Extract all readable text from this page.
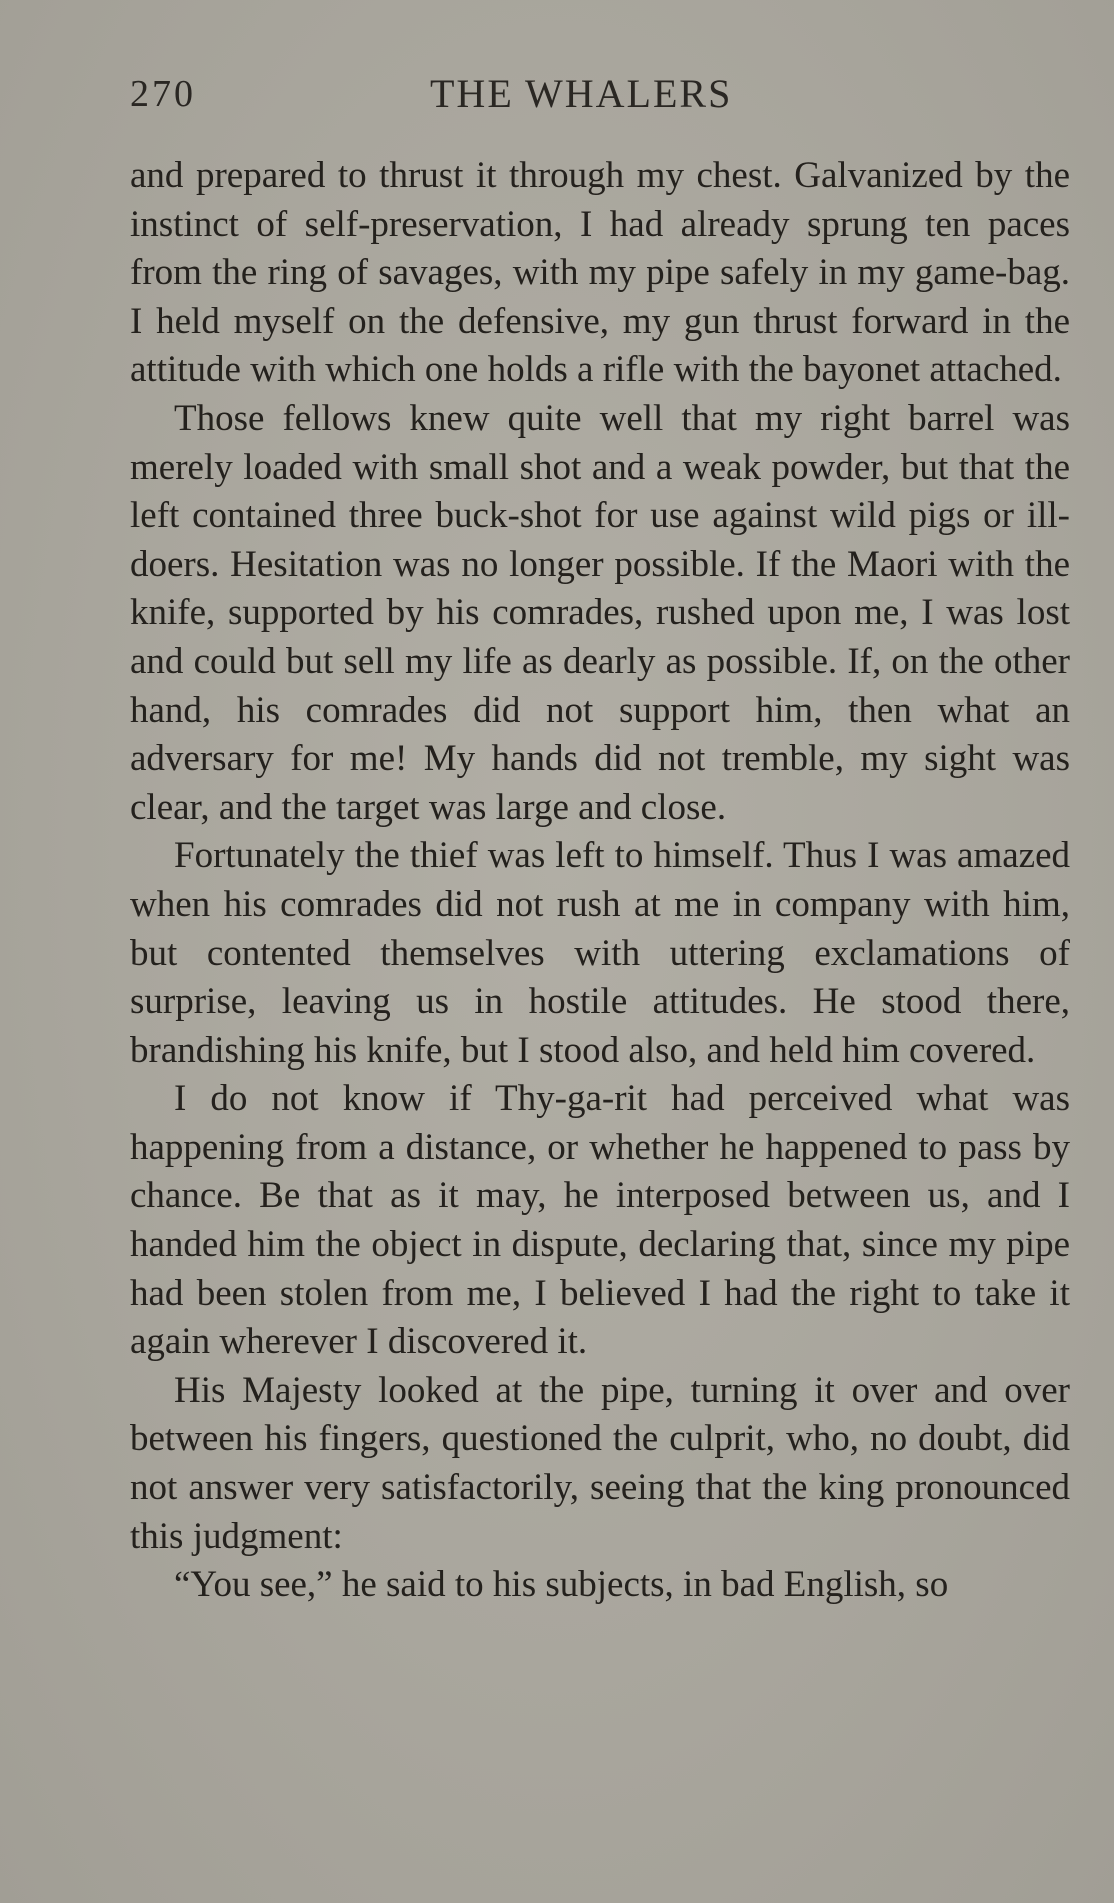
270	THE WHALERS

and prepared to thrust it through my chest. Galvanized by the instinct of self-preservation, I had already sprung ten paces from the ring of savages, with my pipe safely in my game-bag. I held myself on the defensive, my gun thrust forward in the attitude with which one holds a rifle with the bayonet attached.

Those fellows knew quite well that my right barrel was merely loaded with small shot and a weak powder, but that the left contained three buck-shot for use against wild pigs or ill-doers. Hesitation was no longer possible. If the Maori with the knife, supported by his comrades, rushed upon me, I was lost and could but sell my life as dearly as possible. If, on the other hand, his comrades did not support him, then what an adversary for me! My hands did not tremble, my sight was clear, and the target was large and close.

Fortunately the thief was left to himself. Thus I was amazed when his comrades did not rush at me in company with him, but contented themselves with uttering exclamations of surprise, leaving us in hostile attitudes. He stood there, brandishing his knife, but I stood also, and held him covered.

I do not know if Thy-ga-rit had perceived what was happening from a distance, or whether he happened to pass by chance. Be that as it may, he interposed between us, and I handed him the object in dispute, declaring that, since my pipe had been stolen from me, I believed I had the right to take it again wherever I discovered it.

His Majesty looked at the pipe, turning it over and over between his fingers, questioned the culprit, who, no doubt, did not answer very satisfactorily, seeing that the king pronounced this judgment:

“You see,” he said to his subjects, in bad English, so
